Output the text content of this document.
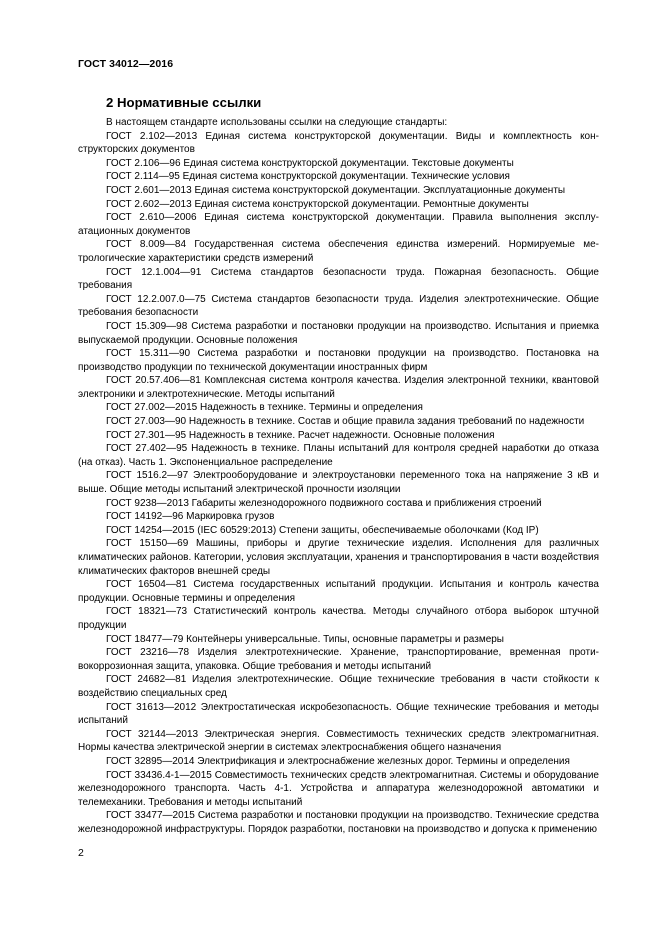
ГОСТ 34012—2016
2 Нормативные ссылки

В настоящем стандарте использованы ссылки на следующие стандарты:

ГОСТ 2.102—2013 Единая система конструкторской документации. Виды и комплектность конструкторских документов

ГОСТ 2.106—96 Единая система конструкторской документации. Текстовые документы

ГОСТ 2.114—95 Единая система конструкторской документации. Технические условия

ГОСТ 2.601—2013 Единая система конструкторской документации. Эксплуатационные документы

ГОСТ 2.602—2013 Единая система конструкторской документации. Ремонтные документы

ГОСТ 2.610—2006 Единая система конструкторской документации. Правила выполнения эксплуатационных документов

ГОСТ 8.009—84 Государственная система обеспечения единства измерений. Нормируемые метрологические характеристики средств измерений

ГОСТ 12.1.004—91 Система стандартов безопасности труда. Пожарная безопасность. Общие требования

ГОСТ 12.2.007.0—75 Система стандартов безопасности труда. Изделия электротехнические. Общие требования безопасности

ГОСТ 15.309—98 Система разработки и постановки продукции на производство. Испытания и приемка выпускаемой продукции. Основные положения

ГОСТ 15.311—90 Система разработки и постановки продукции на производство. Постановка на производство продукции по технической документации иностранных фирм

ГОСТ 20.57.406—81 Комплексная система контроля качества. Изделия электронной техники, квантовой электроники и электротехнические. Методы испытаний

ГОСТ 27.002—2015 Надежность в технике. Термины и определения

ГОСТ 27.003—90 Надежность в технике. Состав и общие правила задания требований по надежности

ГОСТ 27.301—95 Надежность в технике. Расчет надежности. Основные положения

ГОСТ 27.402—95 Надежность в технике. Планы испытаний для контроля средней наработки до отказа (на отказ). Часть 1. Экспоненциальное распределение

ГОСТ 1516.2—97 Электрооборудование и электроустановки переменного тока на напряжение 3 кВ и выше. Общие методы испытаний электрической прочности изоляции

ГОСТ 9238—2013 Габариты железнодорожного подвижного состава и приближения строений

ГОСТ 14192—96 Маркировка грузов

ГОСТ 14254—2015 (IEC 60529:2013) Степени защиты, обеспечиваемые оболочками (Код IP)

ГОСТ 15150—69 Машины, приборы и другие технические изделия. Исполнения для различных климатических районов. Категории, условия эксплуатации, хранения и транспортирования в части воздействия климатических факторов внешней среды

ГОСТ 16504—81 Система государственных испытаний продукции. Испытания и контроль качества продукции. Основные термины и определения

ГОСТ 18321—73 Статистический контроль качества. Методы случайного отбора выборок штучной продукции

ГОСТ 18477—79 Контейнеры универсальные. Типы, основные параметры и размеры

ГОСТ 23216—78 Изделия электротехнические. Хранение, транспортирование, временная противокоррозионная защита, упаковка. Общие требования и методы испытаний

ГОСТ 24682—81 Изделия электротехнические. Общие технические требования в части стойкости к воздействию специальных сред

ГОСТ 31613—2012 Электростатическая искробезопасность. Общие технические требования и методы испытаний

ГОСТ 32144—2013 Электрическая энергия. Совместимость технических средств электромагнитная. Нормы качества электрической энергии в системах электроснабжения общего назначения

ГОСТ 32895—2014 Электрификация и электроснабжение железных дорог. Термины и определения

ГОСТ 33436.4-1—2015 Совместимость технических средств электромагнитная. Системы и оборудование железнодорожного транспорта. Часть 4-1. Устройства и аппаратура железнодорожной автоматики и телемеханики. Требования и методы испытаний

ГОСТ 33477—2015 Система разработки и постановки продукции на производство. Технические средства железнодорожной инфраструктуры. Порядок разработки, постановки на производство и допуска к применению

2
